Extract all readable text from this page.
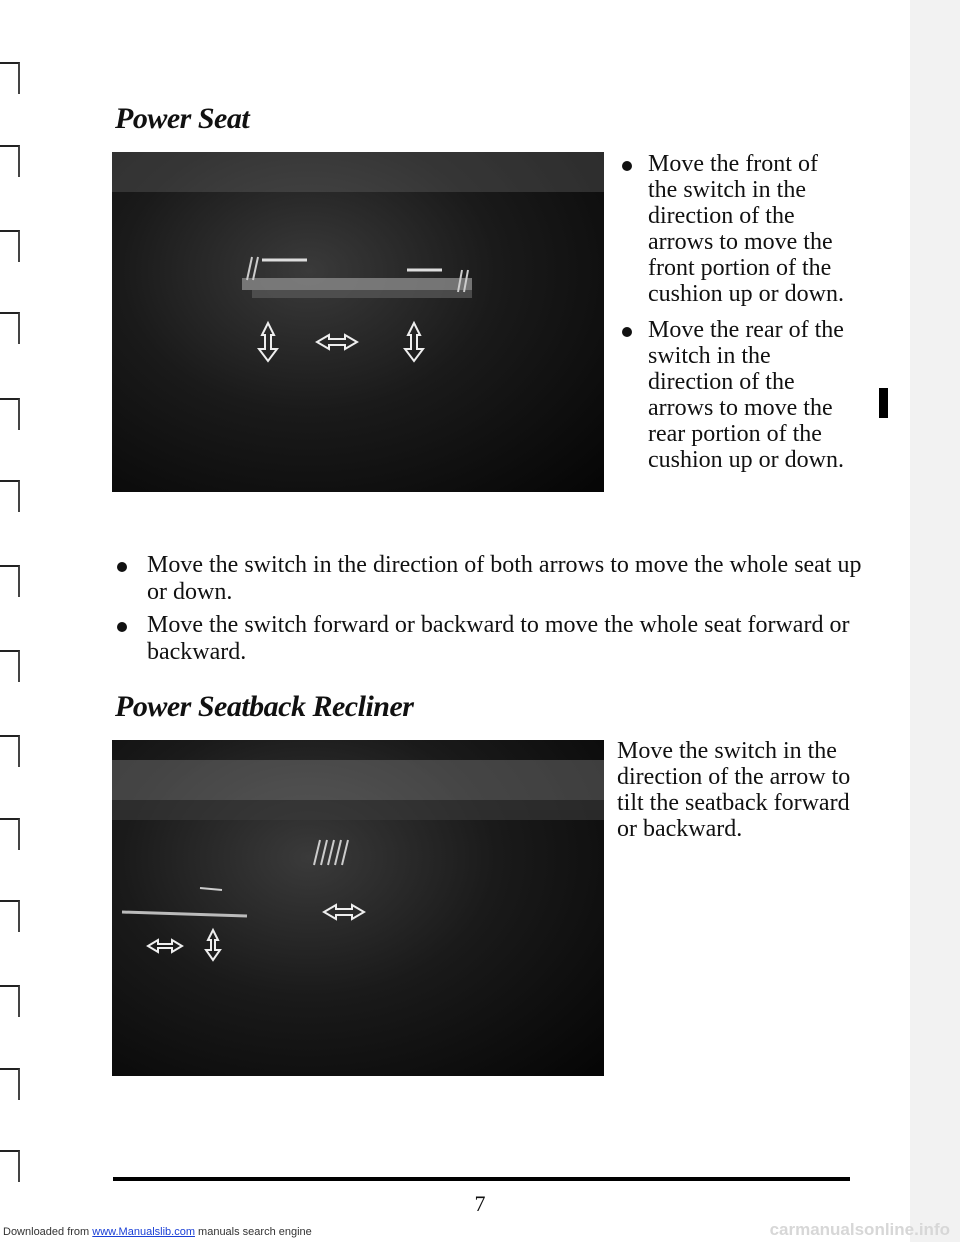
Power Seat
Move the front of the switch in the direction of the arrows to move the front portion of the cushion up or down.
Move the rear of the switch in the direction of the arrows to move the rear portion of the cushion up or down.
Move the switch in the direction of both arrows to move the whole seat up or down.
Move the switch forward or backward to move the whole seat forward or backward.
Power Seatback Recliner

Move the switch in the direction of the arrow to tilt the seatback forward or backward.

7
Downloaded from www.Manualslib.com manuals search engine	carmanualsonline.info
